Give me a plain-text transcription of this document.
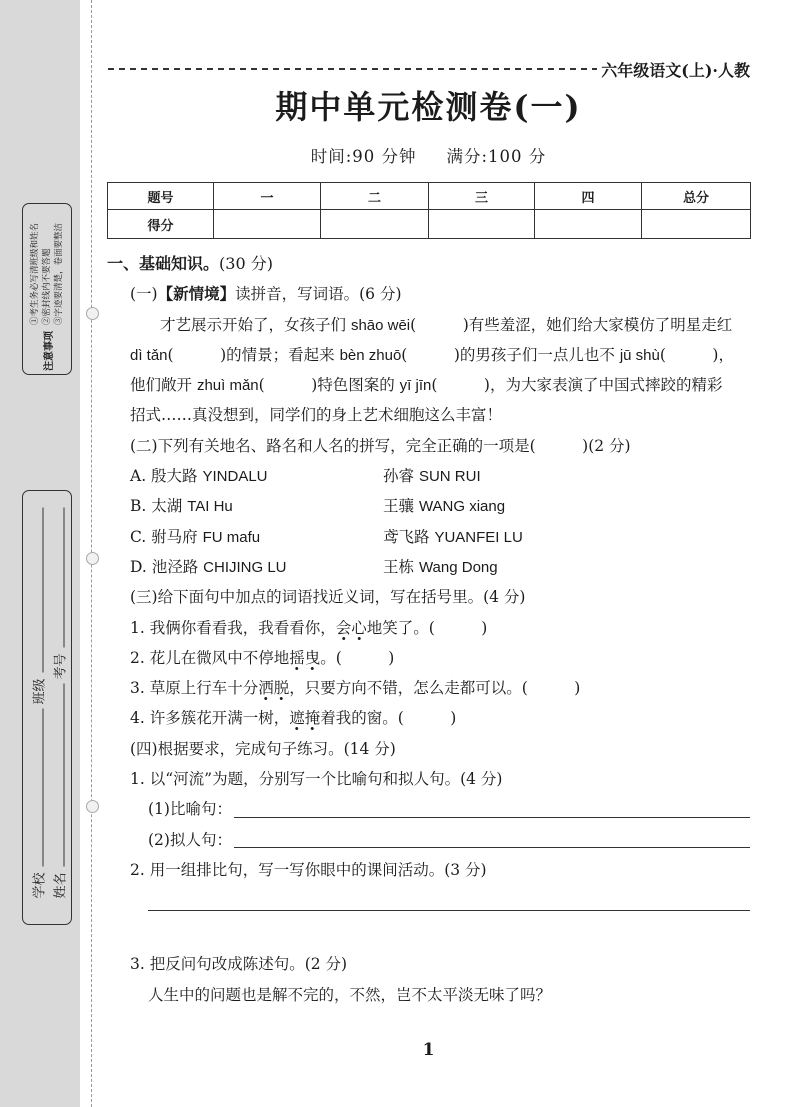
注意事项
①考生务必写清班级和姓名 ②密封线内不要答题 ③字迹要清楚，卷面要整洁
学校
班级
姓名
考号
六年级语文(上)·人教
期中单元检测卷(一)
时间:90 分钟 满分:100 分
题号	一	二	三	四	总分
得分					
一、基础知识。(30 分)
(一)【新情境】读拼音，写词语。(6 分)
才艺展示开始了，女孩子们 shāo wēi(　　　)有些羞涩，她们给大家模仿了明星走红
dì tǎn(　　　)的情景；看起来 bèn zhuō(　　　)的男孩子们一点儿也不 jū shù(　　　)，
他们敞开 zhuì mǎn(　　　)特色图案的 yī jīn(　　　)，为大家表演了中国式摔跤的精彩
招式……真没想到，同学们的身上艺术细胞这么丰富！
(二)下列有关地名、路名和人名的拼写，完全正确的一项是(　　　)(2 分)
A. 殷大路 YINDALU	孙睿 SUN RUI
B. 太湖 TAI Hu	王骧 WANG xiang
C. 驸马府 FU mafu	鸢飞路 YUANFEI LU
D. 池泾路 CHIJING LU	王栋 Wang Dong
(三)给下面句中加点的词语找近义词，写在括号里。(4 分)
1. 我俩你看看我，我看看你，会心地笑了。(　　　)
2. 花儿在微风中不停地摇曳。(　　　)
3. 草原上行车十分洒脱，只要方向不错，怎么走都可以。(　　　)
4. 许多簇花开满一树，遮掩着我的窗。(　　　)
(四)根据要求，完成句子练习。(14 分)
1. 以“河流”为题，分别写一个比喻句和拟人句。(4 分)
(1)比喻句：
(2)拟人句：
2. 用一组排比句，写一写你眼中的课间活动。(3 分)
3. 把反问句改成陈述句。(2 分)
人生中的问题也是解不完的，不然，岂不太平淡无味了吗？
1
